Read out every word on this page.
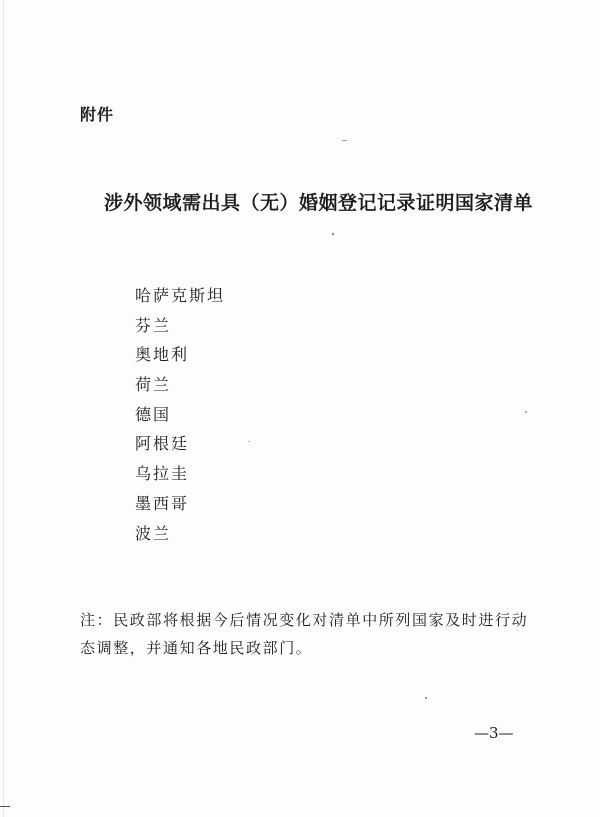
附件
涉外领域需出具（无）婚姻登记记录证明国家清单
哈萨克斯坦
芬兰
奥地利
荷兰
德国
阿根廷
乌拉圭
墨西哥
波兰
注：民政部将根据今后情况变化对清单中所列国家及时进行动态调整，并通知各地民政部门。
—3—
